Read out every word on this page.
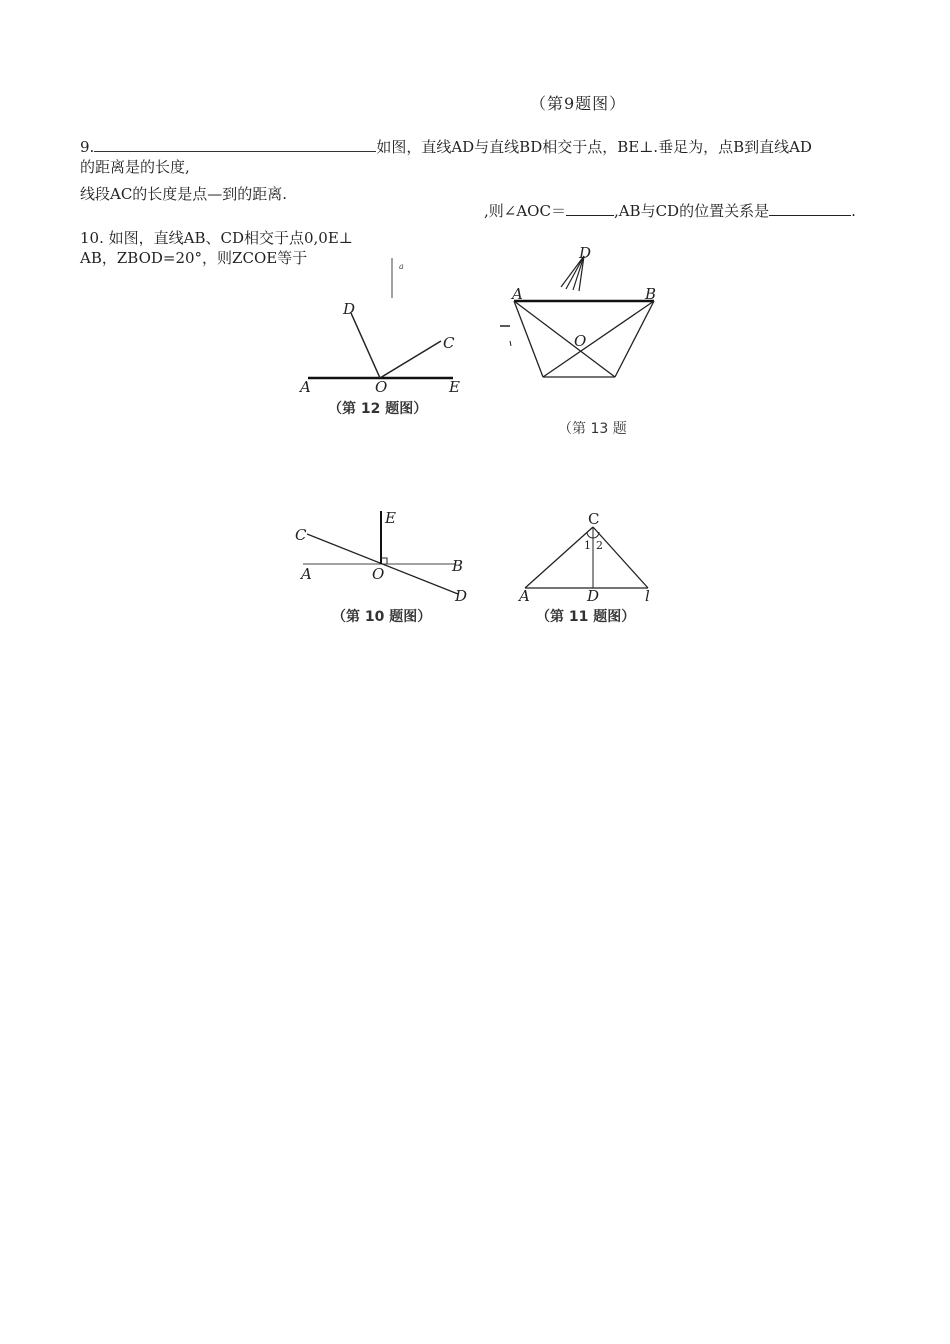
（第9题图）
9.	如图，直线AD与直线BD相交于点，BE⊥.垂足为，点B到直线AD
的距离是的长度,
线段AC的长度是点—到的距离.
,则∠AOC＝	,AB与CD的位置关系是	.
10. 如图，直线AB、CD相交于点0,0E⊥
AB，ZBOD=20°，则ZCOE等于	a
D
C
A	O	E
（第 12 题图）
D
A	B
O
（第 13 题
C
E
A	O	B
D
（第 10 题图）
C
1 2
A	D	l
（第 11 题图）
